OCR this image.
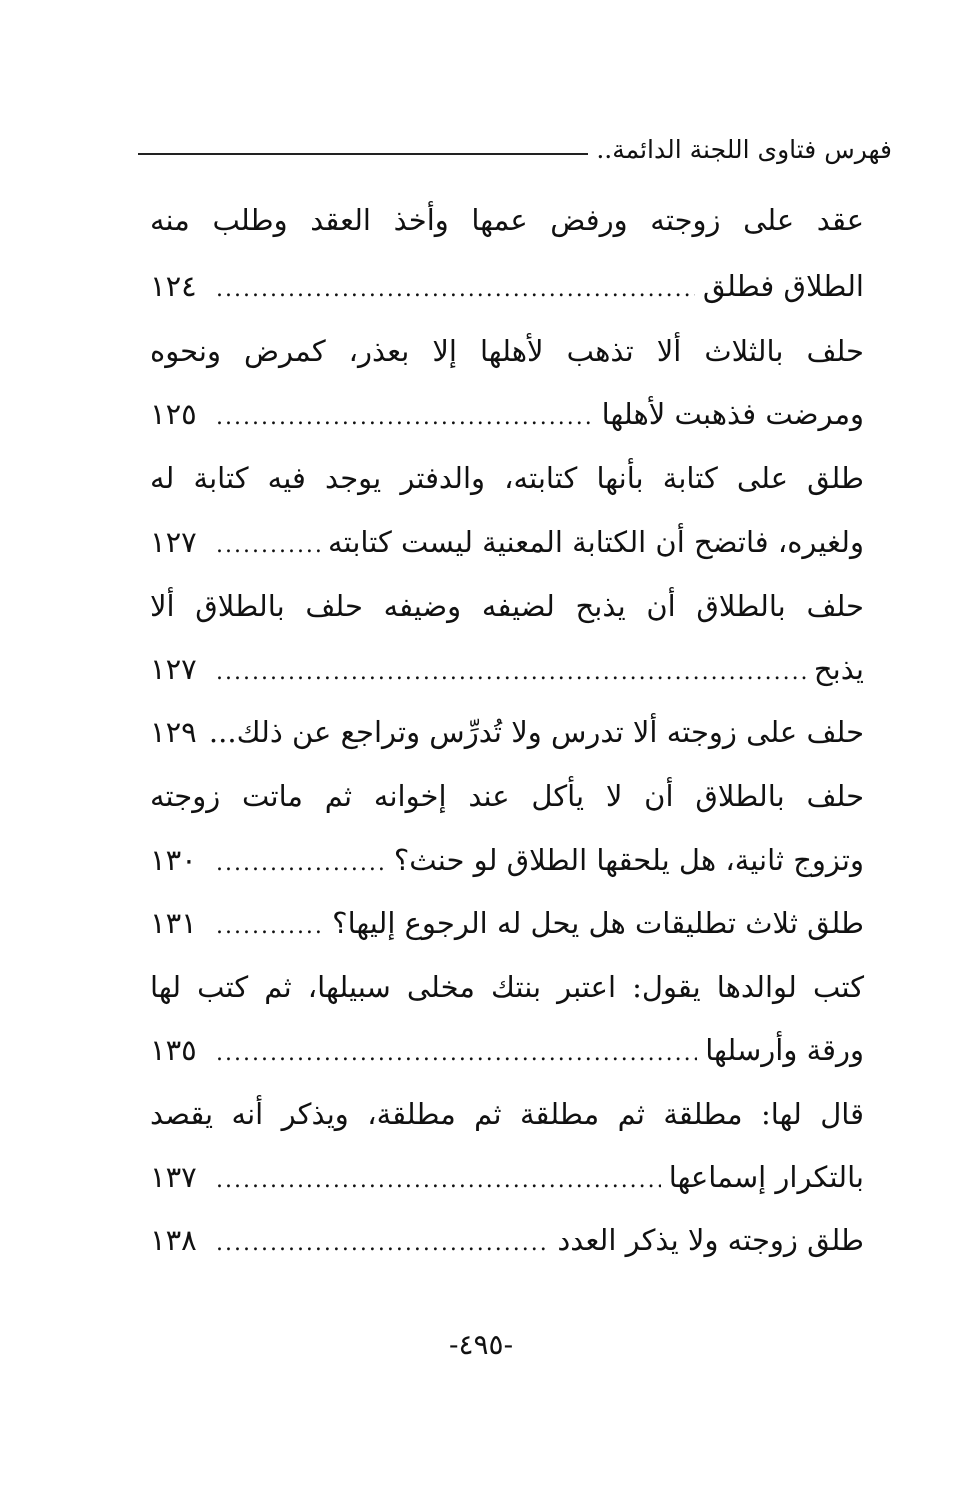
فهرس فتاوى اللجنة الدائمة..
عقد على زوجته ورفض عمها وأخذ العقد وطلب منه
الطلاق فطلق
.....
١٢٤
حلف بالثلاث ألا تذهب لأهلها إلا بعذر، كمرض ونحوه
ومرضت فذهبت لأهلها
.....
١٢٥
طلق على كتابة بأنها كتابته، والدفتر يوجد فيه كتابة له
ولغيره، فاتضح أن الكتابة المعنية ليست كتابته
.....
١٢٧
حلف بالطلاق أن يذبح لضيفه وضيفه حلف بالطلاق ألا
يذبح
.....
١٢٧
حلف على زوجته ألا تدرس ولا تُدرِّس وتراجع عن ذلك...
١٢٩
حلف بالطلاق أن لا يأكل عند إخوانه ثم ماتت زوجته
وتزوج ثانية، هل يلحقها الطلاق لو حنث؟
.....
١٣٠
طلق ثلاث تطليقات هل يحل له الرجوع إليها؟
.....
١٣١
كتب لوالدها يقول: اعتبر بنتك مخلى سبيلها، ثم كتب لها
ورقة وأرسلها
.....
١٣٥
قال لها: مطلقة ثم مطلقة ثم مطلقة، ويذكر أنه يقصد
بالتكرار إسماعها
.....
١٣٧
طلق زوجته ولا يذكر العدد
.....
١٣٨
-٤٩٥-
